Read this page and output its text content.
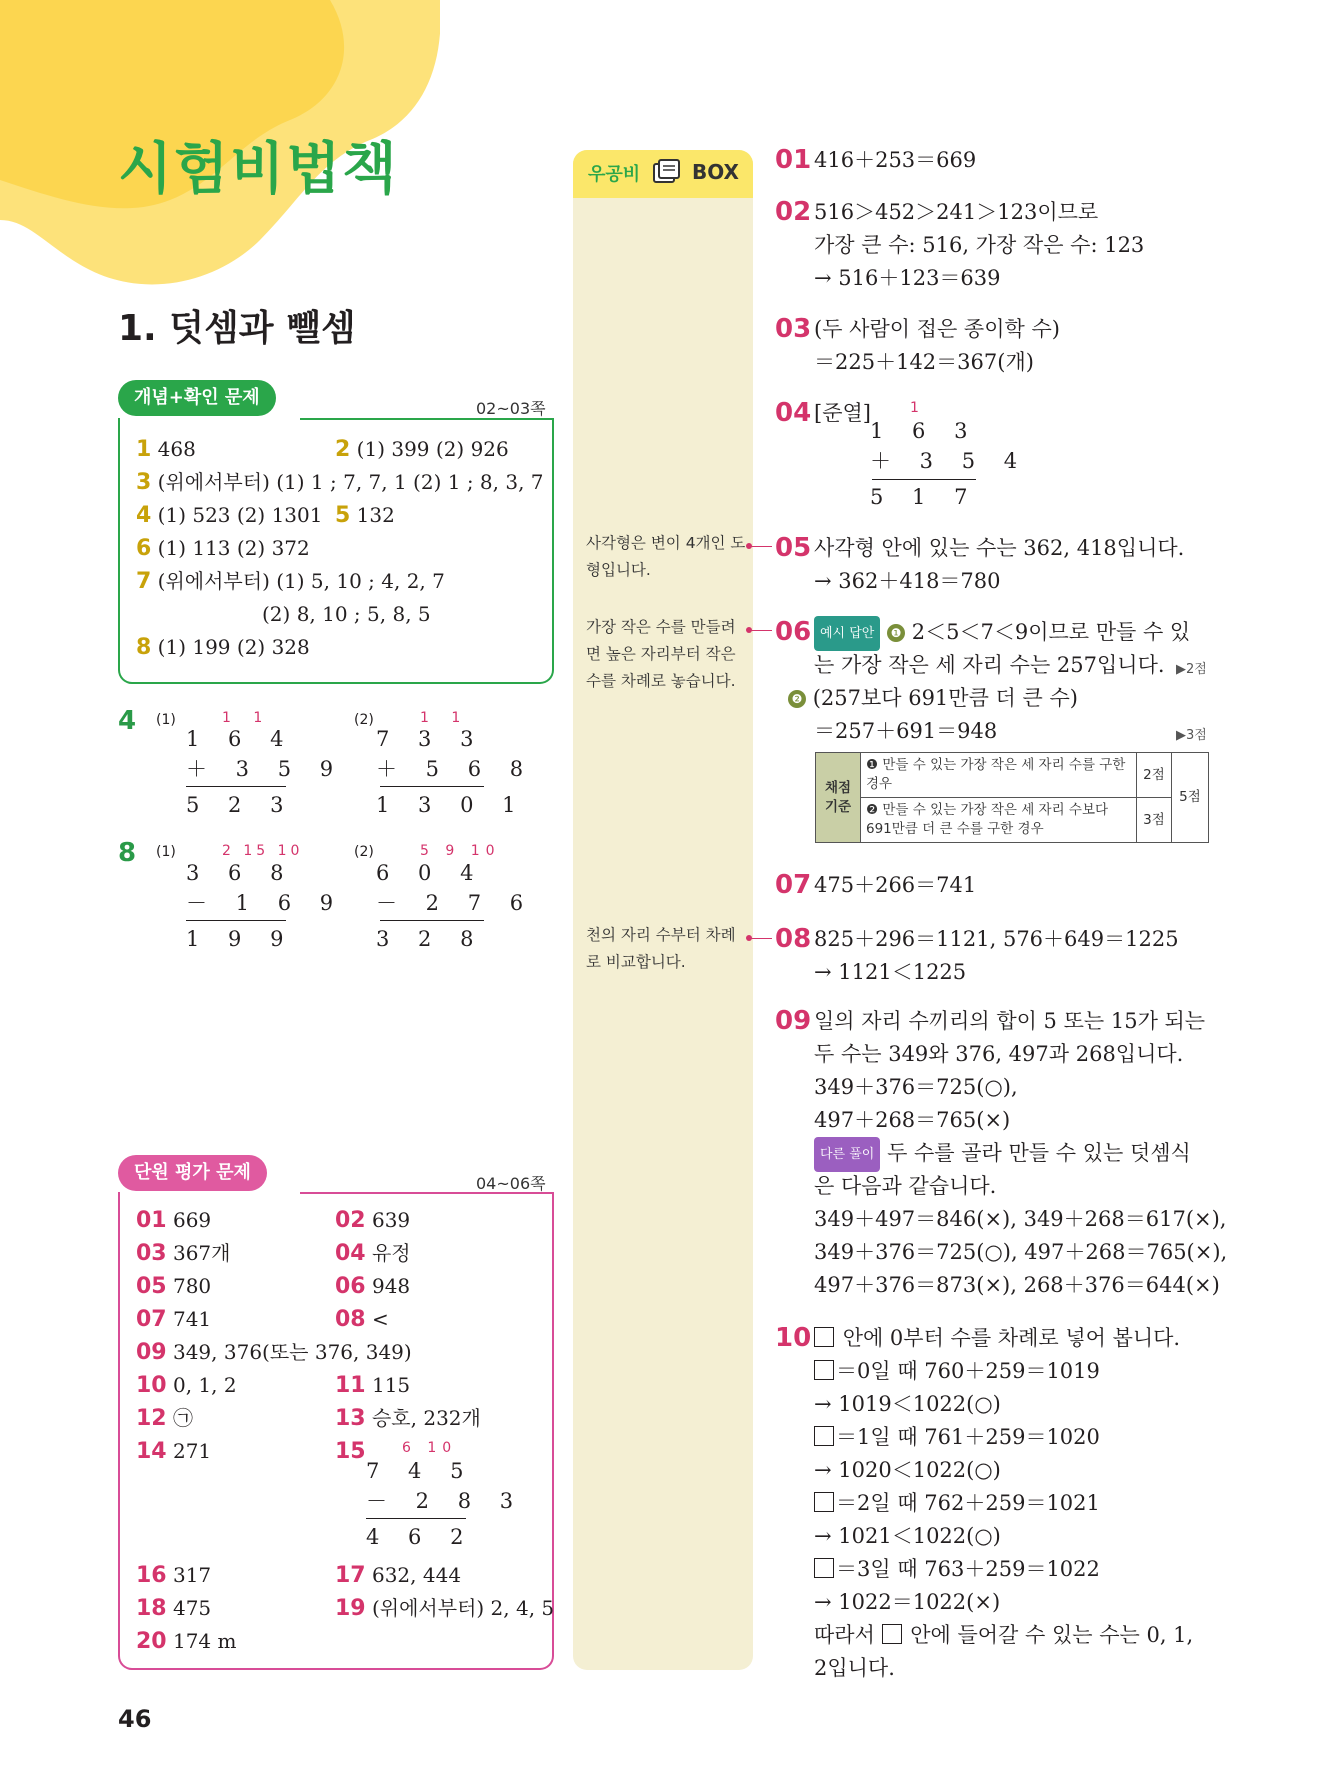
시험비법책
1. 덧셈과 뺄셈
개념+확인 문제
02~03쪽
1 468	2 (1) 399 (2) 926
3 (위에서부터) (1) 1 ; 7, 7, 1 (2) 1 ; 8, 3, 7
4 (1) 523 (2) 1301 5 132
6 (1) 113 (2) 372
7 (위에서부터) (1) 5, 10 ; 4, 2, 7
(2) 8, 10 ; 5, 8, 5
8 (1) 199 (2) 328
4 (1)	1 1
1 6 4
＋ 3 5 9
5 2 3
(2)	1 1
7 3 3
＋ 5 6 8
1 3 0 1
8 (1)	2 15 10
3 6 8
－ 1 6 9
1 9 9
(2)	5 9 10
6 0 4
－ 2 7 6
3 2 8
단원 평가 문제
04~06쪽
01 669	02 639
03 367개	04 유정
05 780	06 948
07 741	08 <
09 349, 376(또는 376, 349)
10 0, 1, 2	11 115
12 ㉠	13 승호, 232개
14 271	15	6 10
7 4 5
－ 2 8 3
4 6 2
16 317	17 632, 444
18 475	19 (위에서부터) 2, 4, 5
20 174 m
우공비	BOX
사각형은 변이 4개인 도형입니다.
가장 작은 수를 만들려면 높은 자리부터 작은 수를 차례로 놓습니다.
천의 자리 수부터 차례로 비교합니다.
01 416＋253＝669
02 516＞452＞241＞123이므로
가장 큰 수: 516, 가장 작은 수: 123
→ 516＋123＝639
03 (두 사람이 접은 종이학 수)
＝225＋142＝367(개)
04 [준열]	1
1 6 3
＋ 3 5 4
5 1 7
05 사각형 안에 있는 수는 362, 418입니다.
→ 362＋418＝780
06 예시 답안 ❶ 2＜5＜7＜9이므로 만들 수 있
는 가장 작은 세 자리 수는 257입니다. ▶2점
❷ (257보다 691만큼 더 큰 수)
＝257＋691＝948	▶3점
채점 기준	❶ 만들 수 있는 가장 작은 세 자리 수를 구한 경우	2점	5점
	❷ 만들 수 있는 가장 작은 세 자리 수보다 691만큼 더 큰 수를 구한 경우	3점	
07 475＋266＝741
08 825＋296＝1121, 576＋649＝1225
→ 1121＜1225
09 일의 자리 수끼리의 합이 5 또는 15가 되는
두 수는 349와 376, 497과 268입니다.
349＋376＝725(○),
497＋268＝765(×)
다른 풀이 두 수를 골라 만들 수 있는 덧셈식
은 다음과 같습니다.
349＋497＝846(×), 349＋268＝617(×),
349＋376＝725(○), 497＋268＝765(×),
497＋376＝873(×), 268＋376＝644(×)
10	안에 0부터 수를 차례로 넣어 봅니다.
＝0일 때 760＋259＝1019
→ 1019＜1022(○)
＝1일 때 761＋259＝1020
→ 1020＜1022(○)
＝2일 때 762＋259＝1021
→ 1021＜1022(○)
＝3일 때 763＋259＝1022
→ 1022＝1022(×)
따라서 안에 들어갈 수 있는 수는 0, 1,
2입니다.
46
